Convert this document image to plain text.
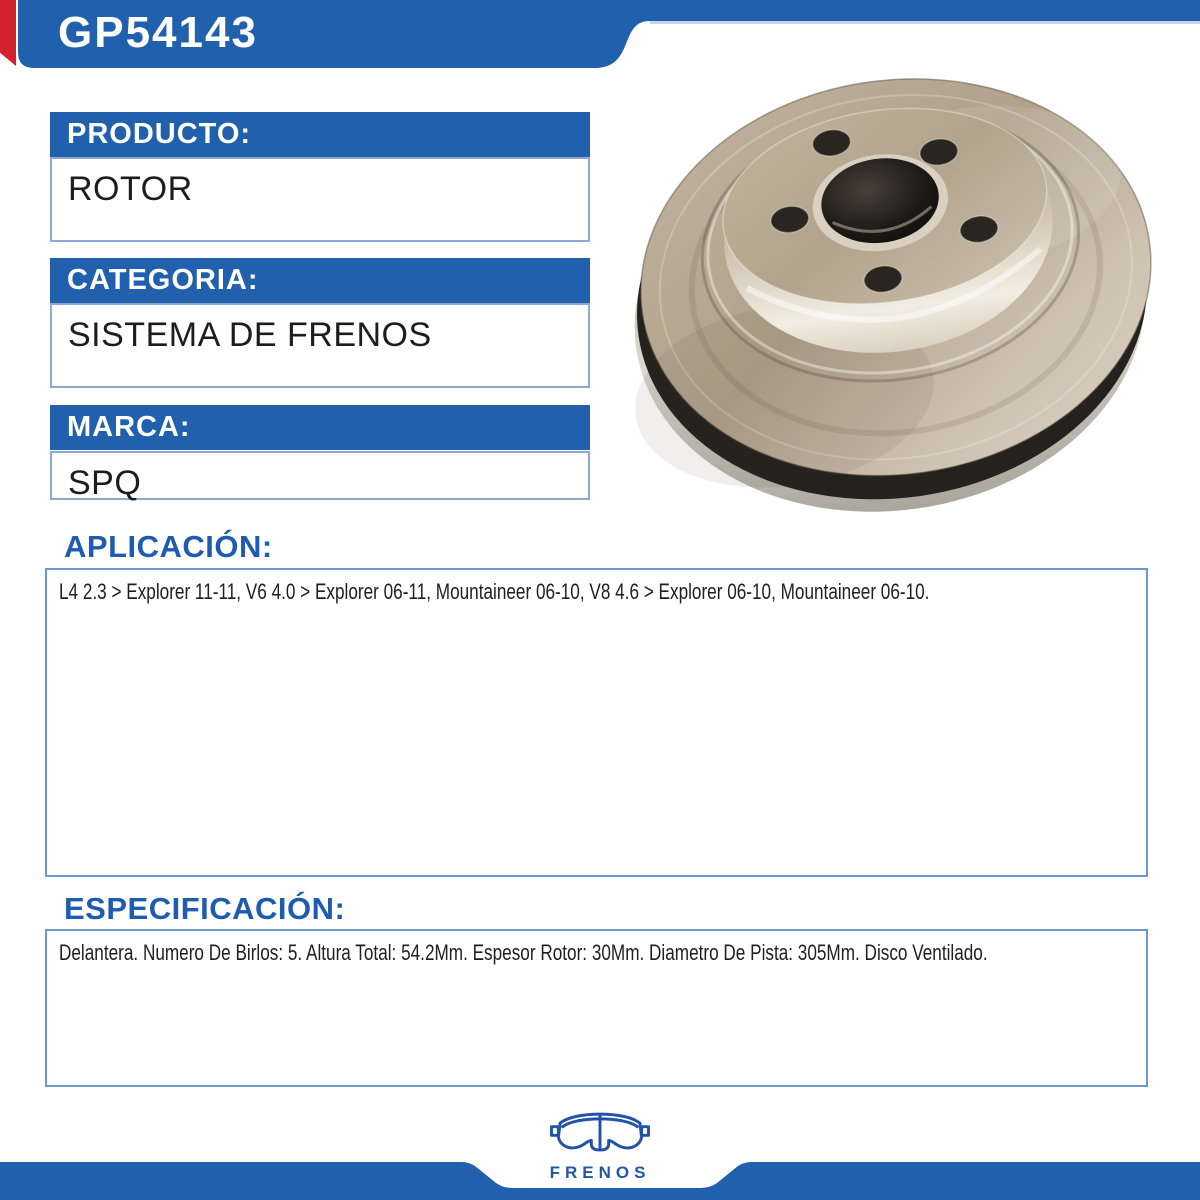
GP54143
PRODUCTO:
ROTOR
CATEGORIA:
SISTEMA DE FRENOS
MARCA:
SPQ
APLICACIÓN:
L4 2.3 > Explorer 11-11, V6 4.0 > Explorer 06-11, Mountaineer 06-10, V8 4.6 > Explorer 06-10, Mountaineer 06-10.
ESPECIFICACIÓN:
Delantera. Numero De Birlos: 5. Altura Total: 54.2Mm. Espesor Rotor: 30Mm. Diametro De Pista: 305Mm. Disco Ventilado.
FRENOS
